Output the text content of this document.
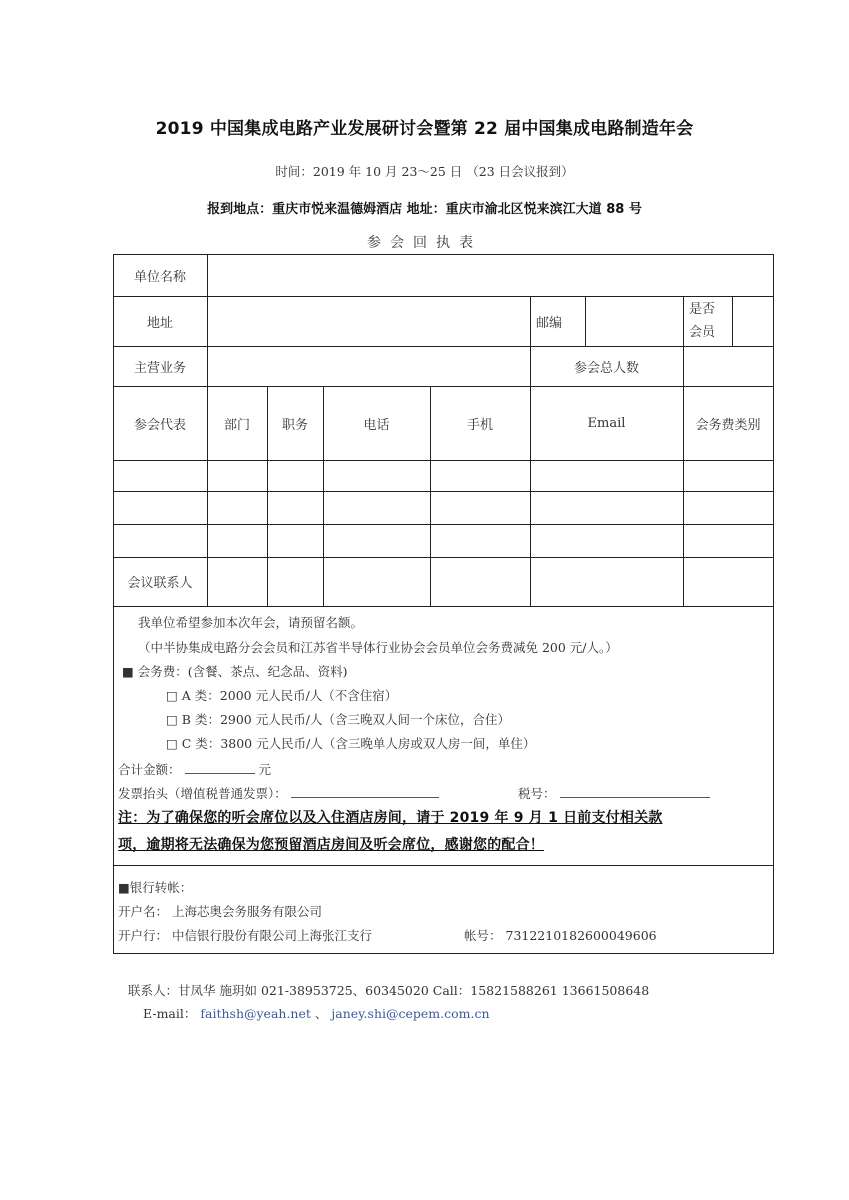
2019 中国集成电路产业发展研讨会暨第 22 届中国集成电路制造年会
时间：2019 年 10 月 23～25 日 （23 日会议报到）
报到地点：重庆市悦来温德姆酒店 地址：重庆市渝北区悦来滨江大道 88 号
参会回执表
单位名称
地址	邮编
是否
会员
主营业务	参会总人数
参会代表	部门	职务	电话	手机	Email	会务费类别
会议联系人
我单位希望参加本次年会，请预留名额。
（中半协集成电路分会会员和江苏省半导体行业协会会员单位会务费减免 200 元/人。）
■ 会务费：(含餐、茶点、纪念品、资料)
□ A 类：2000 元人民币/人（不含住宿）
□ B 类：2900 元人民币/人（含三晚双人间一个床位，合住）
□ C 类：3800 元人民币/人（含三晚单人房或双人房一间，单住）
合计金额：	元
发票抬头（增值税普通发票）：	税号：
注：为了确保您的听会席位以及入住酒店房间，请于 2019 年 9 月 1 日前支付相关款
项，逾期将无法确保为您预留酒店房间及听会席位，感谢您的配合！
■银行转帐：
开户名： 上海芯奥会务服务有限公司
开户行： 中信银行股份有限公司上海张江支行	帐号： 7312210182600049606
联系人：甘凤华 施玥如 021-38953725、60345020 Call：15821588261 13661508648
E-mail： faithsh@yeah.net 、 janey.shi@cepem.com.cn
